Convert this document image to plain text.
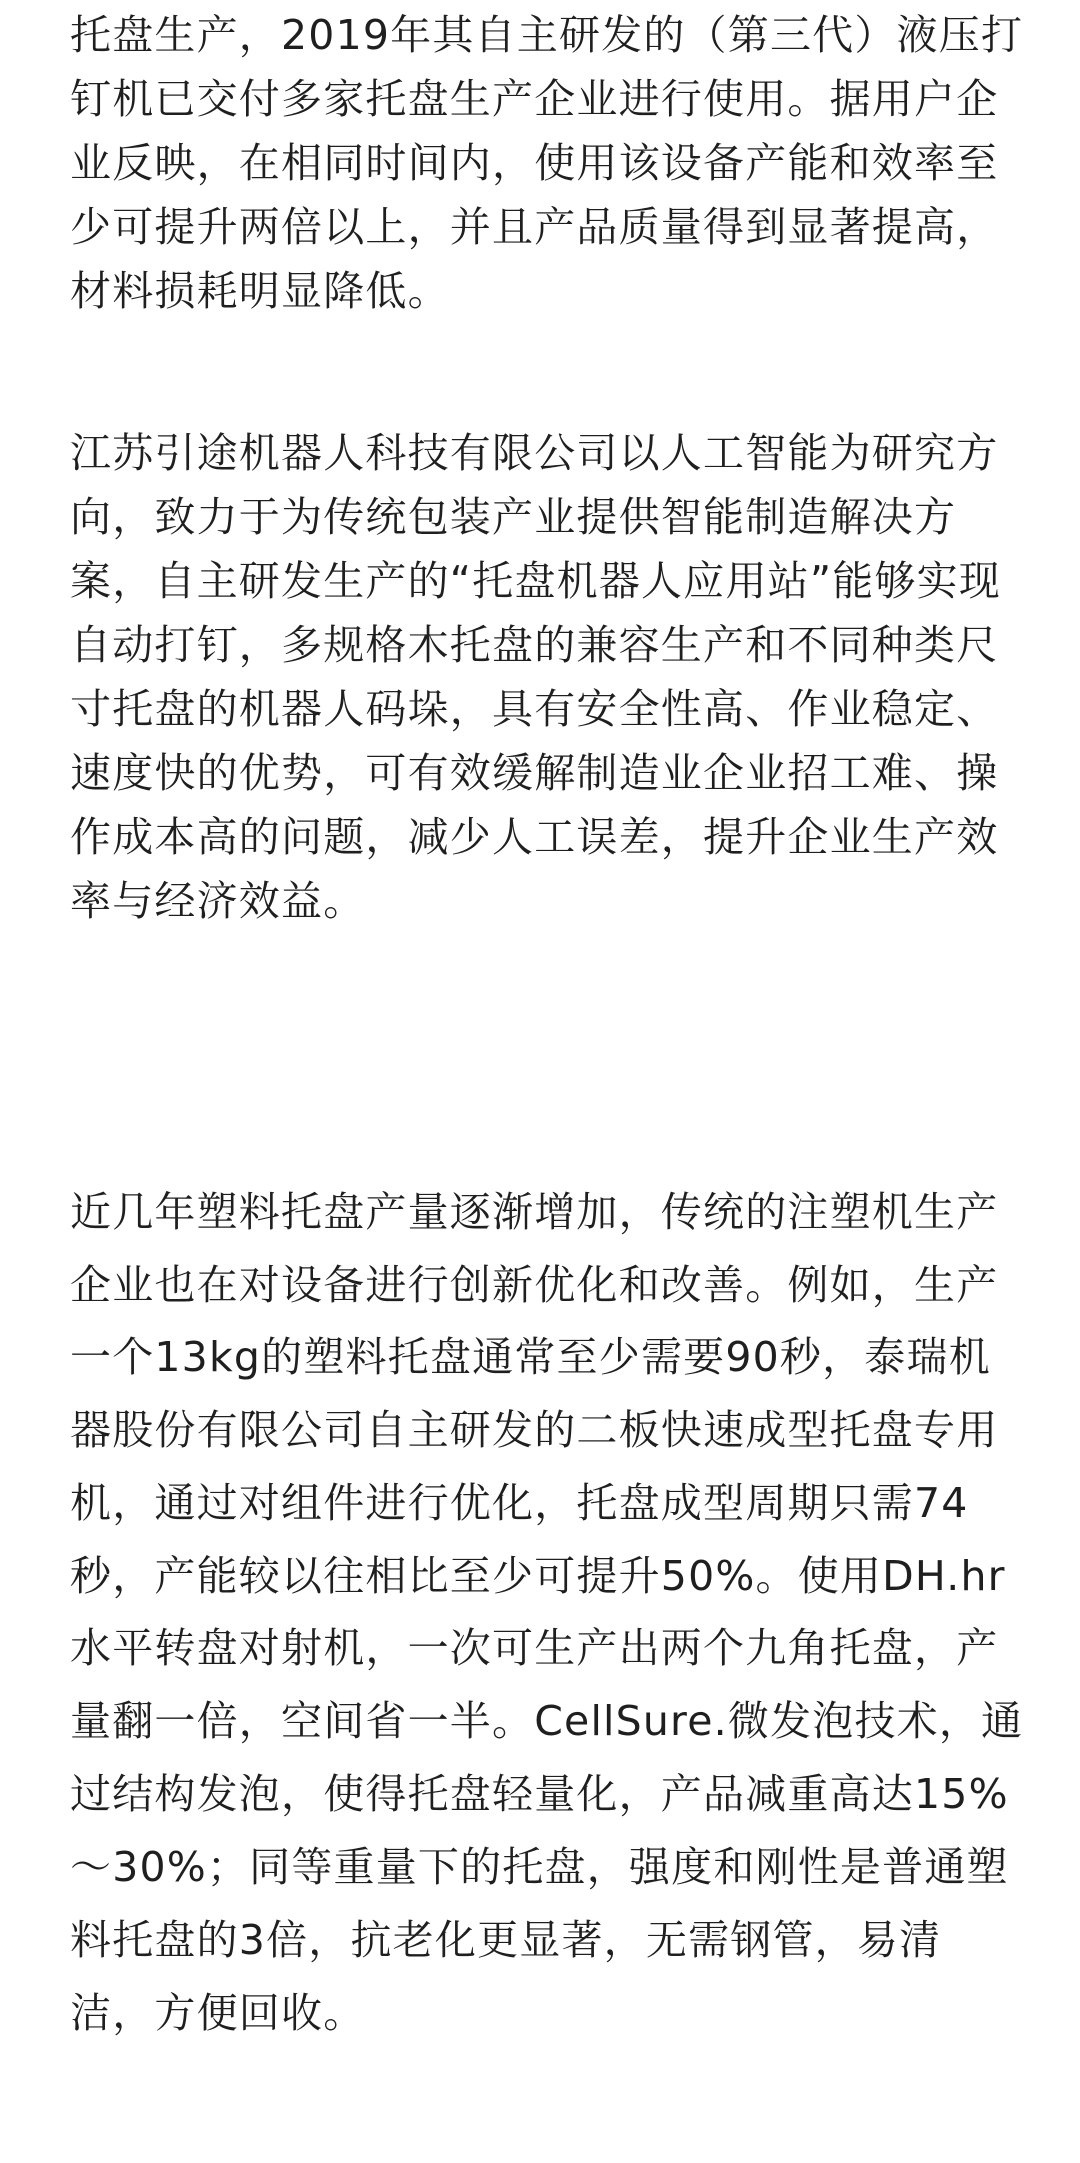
托盘生产，2019年其自主研发的（第三代）液压打
钉机已交付多家托盘生产企业进行使用。据用户企
业反映，在相同时间内，使用该设备产能和效率至
少可提升两倍以上，并且产品质量得到显著提高，
材料损耗明显降低。
江苏引途机器人科技有限公司以人工智能为研究方
向，致力于为传统包装产业提供智能制造解决方
案，自主研发生产的“托盘机器人应用站”能够实现
自动打钉，多规格木托盘的兼容生产和不同种类尺
寸托盘的机器人码垛，具有安全性高、作业稳定、
速度快的优势，可有效缓解制造业企业招工难、操
作成本高的问题，减少人工误差，提升企业生产效
率与经济效益。
近几年塑料托盘产量逐渐增加，传统的注塑机生产
企业也在对设备进行创新优化和改善。例如，生产
一个13kg的塑料托盘通常至少需要90秒，泰瑞机
器股份有限公司自主研发的二板快速成型托盘专用
机，通过对组件进行优化，托盘成型周期只需74
秒，产能较以往相比至少可提升50%。使用DH.hr
水平转盘对射机，一次可生产出两个九角托盘，产
量翻一倍，空间省一半。CellSure.微发泡技术，通
过结构发泡，使得托盘轻量化，产品减重高达15%
～30%；同等重量下的托盘，强度和刚性是普通塑
料托盘的3倍，抗老化更显著，无需钢管，易清
洁，方便回收。
